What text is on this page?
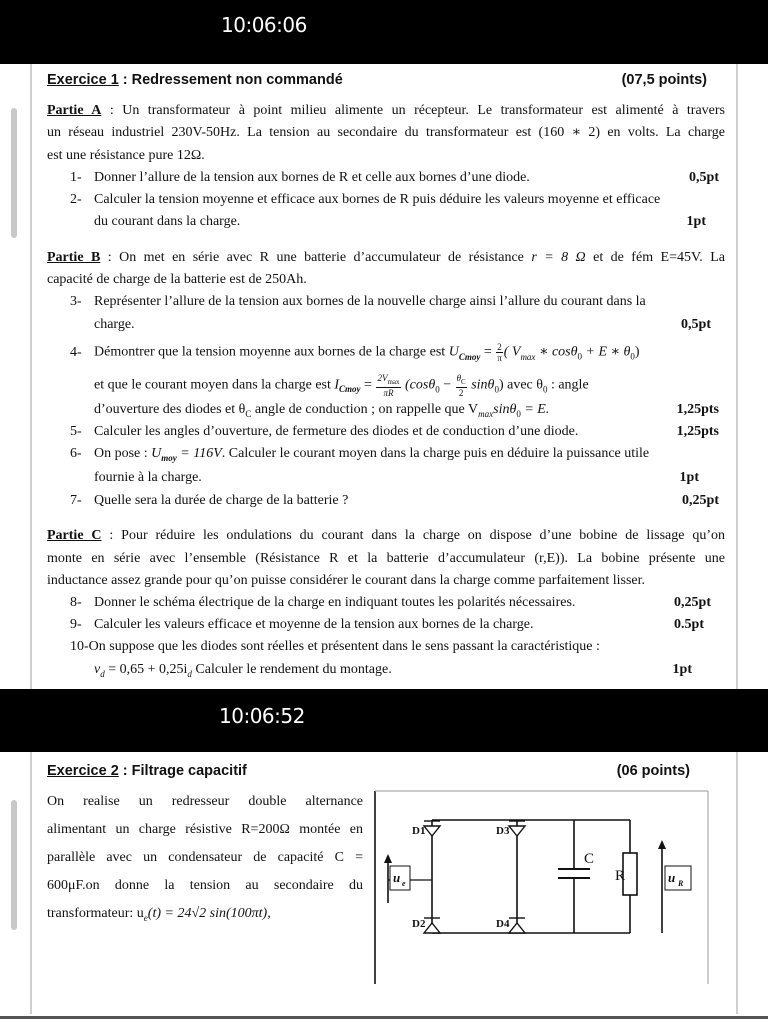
10:06:06
10:06:52
Exercice 1 : Redressement non commandé	(07,5 points)
Partie A : Un transformateur à point milieu alimente un récepteur. Le transformateur est alimenté à travers
un réseau industriel 230V-50Hz. La tension au secondaire du transformateur est (160 ∗ 2) en volts. La charge
est une résistance pure 12Ω.
1- Donner l’allure de la tension aux bornes de R et celle aux bornes d’une diode.	0,5pt
2- Calculer la tension moyenne et efficace aux bornes de R puis déduire les valeurs moyenne et efficace
du courant dans la charge.	1pt
Partie B : On met en série avec R une batterie d’accumulateur de résistance r = 8 Ω et de fém E=45V. La
capacité de charge de la batterie est de 250Ah.
3- Représenter l’allure de la tension aux bornes de la nouvelle charge ainsi l’allure du courant dans la
charge.	0,5pt
4- Démontrer que la tension moyenne aux bornes de la charge est $U_{Cmoy} = \frac{2}{\pi}$ ( $V_{max}$ ∗ cosθ$_0$ + E ∗ $\theta_0$)
et que le courant moyen dans la charge est $I_{Cmoy} = \frac{2V_{max}}{\pi R} (\cos\theta_0 - \frac{\theta_C}{2} \sin\theta_0)$ avec $\theta_0$ : angle
d’ouverture des diodes et $\theta_C$ angle de conduction ; on rappelle que $V_{max}\sin\theta_0 = E$.	1,25pts
5- Calculer les angles d’ouverture, de fermeture des diodes et de conduction d’une diode.	1,25pts
6- On pose : $U_{moy} = 116V$. Calculer le courant moyen dans la charge puis en déduire la puissance utile
fournie à la charge.	1pt
7- Quelle sera la durée de charge de la batterie ?	0,25pt
Partie C : Pour réduire les ondulations du courant dans la charge on dispose d’une bobine de lissage qu’on
monte en série avec l’ensemble (Résistance R et la batterie d’accumulateur (r,E)). La bobine présente une
inductance assez grande pour qu’on puisse considérer le courant dans la charge comme parfaitement lisser.
8- Donner le schéma électrique de la charge en indiquant toutes les polarités nécessaires.	0,25pt
9- Calculer les valeurs efficace et moyenne de la tension aux bornes de la charge.	0.5pt
10-On suppose que les diodes sont réelles et présentent dans le sens passant la caractéristique :
$v_d = 0,65 + 0,25i_d$ Calculer le rendement du montage.	1pt
Exercice 2 : Filtrage capacitif	(06 points)
On realise un redresseur double alternance
alimentant un charge résistive R=200Ω montée en
parallèle avec un condensateur de capacité C =
600μF.on donne la tension au secondaire du
transformateur: $u_e(t) = 24√2$ sin(100πt),
D1	D3
D2	D4
C
R
u e	u R
